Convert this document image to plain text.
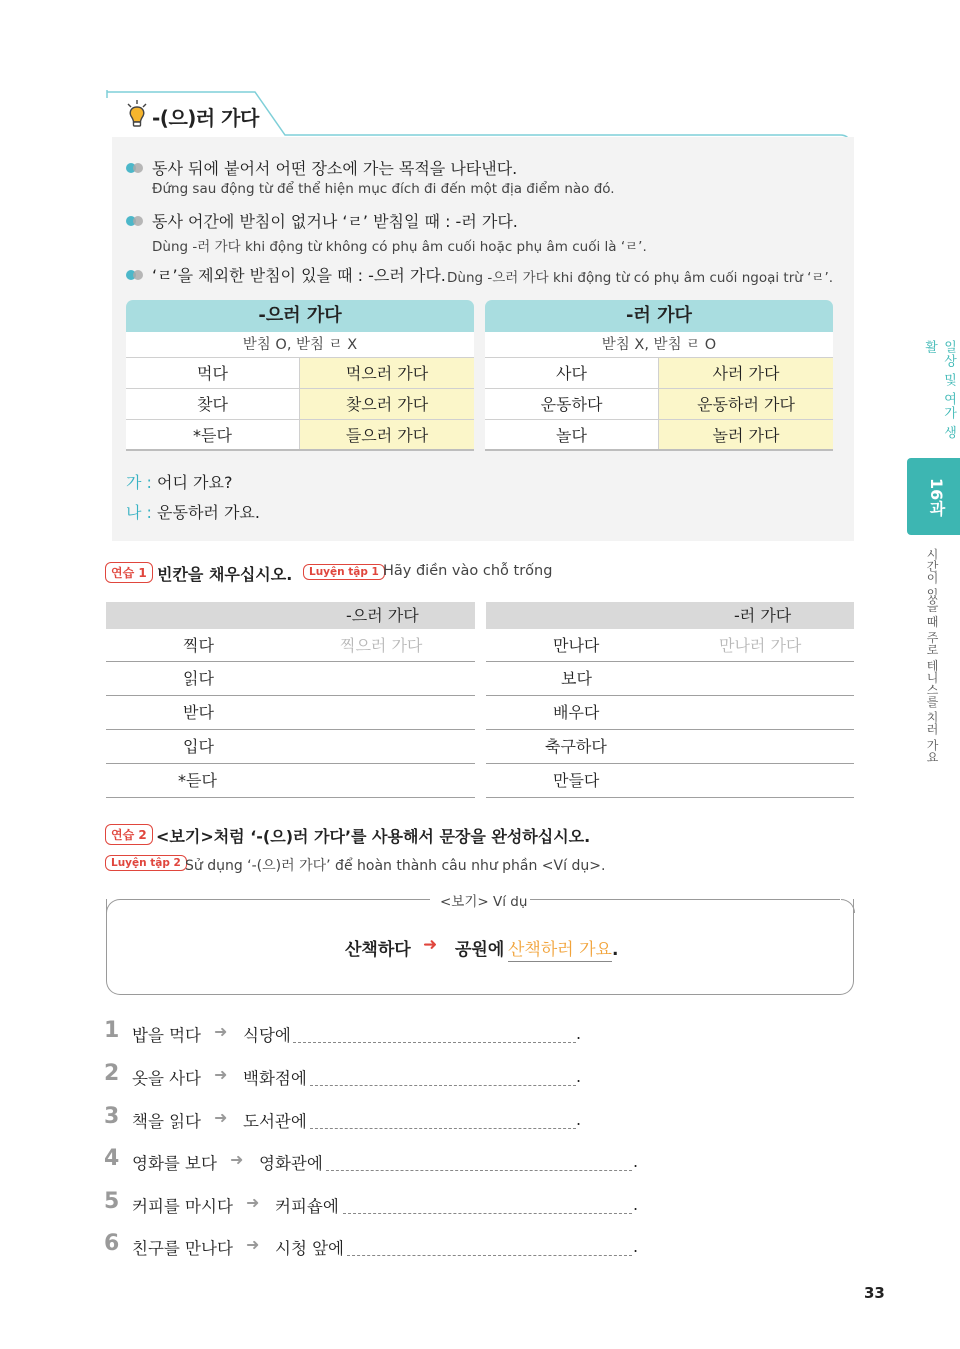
일상 및 여가 생활
16과
시간이 있을 때 주로 테니스를 치러 가요
-(으)러 가다
동사 뒤에 붙어서 어떤 장소에 가는 목적을 나타낸다.
Đứng sau động từ để thể hiện mục đích đi đến một địa điểm nào đó.
동사 어간에 받침이 없거나 ‘ㄹ’ 받침일 때 : -러 가다.
Dùng -러 가다 khi động từ không có phụ âm cuối hoặc phụ âm cuối là ‘ㄹ’.
‘ㄹ’을 제외한 받침이 있을 때 : -으러 가다. Dùng -으러 가다 khi động từ có phụ âm cuối ngoại trừ ‘ㄹ’.
-으러 가다
받침 O, 받침 ㄹ X
먹다	먹으러 가다
찾다	찾으러 가다
*듣다	들으러 가다
-러 가다
받침 X, 받침 ㄹ O
사다	사러 가다
운동하다	운동하러 가다
놀다	놀러 가다
가 : 어디 가요?
나 : 운동하러 가요.
연습 1 빈칸을 채우십시오.	Luyện tập 1 Hãy điền vào chỗ trống
-으러 가다
찍다	찍으러 가다
읽다
받다
입다
*듣다
-러 가다
만나다	만나러 가다
보다
배우다
축구하다
만들다
연습 2 <보기>처럼 ‘-(으)러 가다’를 사용해서 문장을 완성하십시오.
Luyện tập 2 Sử dụng ‘-(으)러 가다’ để hoàn thành câu như phần <Ví dụ>.
<보기> Ví dụ
산책하다 ➜ 공원에 산책하러 가요.
1 밥을 먹다 ➜ 식당에	.
2 옷을 사다 ➜ 백화점에	.
3 책을 읽다 ➜ 도서관에	.
4 영화를 보다 ➜ 영화관에	.
5 커피를 마시다 ➜ 커피숍에	.
6 친구를 만나다 ➜ 시청 앞에	.
33
